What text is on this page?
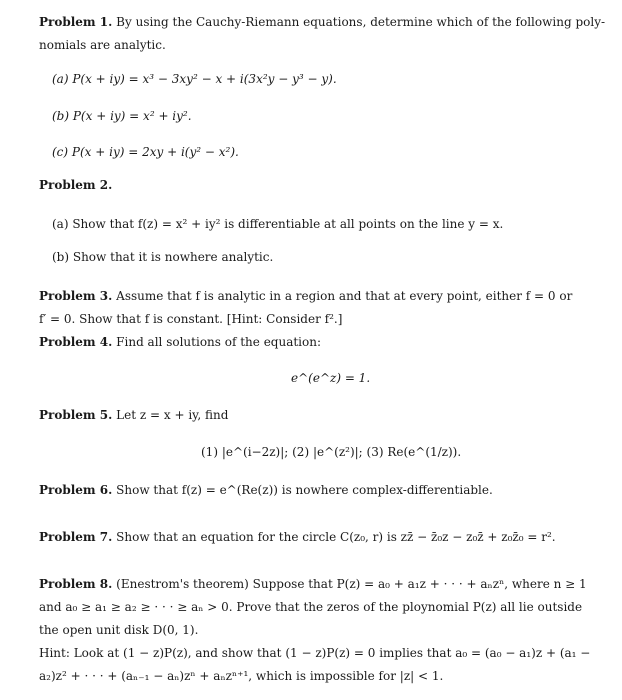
Problem 1. By using the Cauchy-Riemann equations, determine which of the following poly-
nomials are analytic.
(a) P(x + iy) = x³ − 3xy² − x + i(3x²y − y³ − y).
(b) P(x + iy) = x² + iy².
(c) P(x + iy) = 2xy + i(y² − x²).
Problem 2.
(a) Show that f(z) = x² + iy² is differentiable at all points on the line y = x.
(b) Show that it is nowhere analytic.
Problem 3. Assume that f is analytic in a region and that at every point, either f = 0 or
f′ = 0. Show that f is constant. [Hint: Consider f².]
Problem 4. Find all solutions of the equation:
e^(e^z) = 1.
Problem 5. Let z = x + iy, find
(1) |e^(i−2z)|; (2) |e^(z²)|; (3) Re(e^(1/z)).
Problem 6. Show that f(z) = e^(Re(z)) is nowhere complex-differentiable.
Problem 7. Show that an equation for the circle C(z₀, r) is zz̄ − z̄₀z − z₀z̄ + z₀z̄₀ = r².
Problem 8. (Enestrom's theorem) Suppose that P(z) = a₀ + a₁z + · · · + aₙzⁿ, where n ≥ 1
and a₀ ≥ a₁ ≥ a₂ ≥ · · · ≥ aₙ > 0. Prove that the zeros of the ploynomial P(z) all lie outside
the open unit disk D(0, 1).
Hint: Look at (1 − z)P(z), and show that (1 − z)P(z) = 0 implies that a₀ = (a₀ − a₁)z + (a₁ −
a₂)z² + · · · + (aₙ₋₁ − aₙ)zⁿ + aₙzⁿ⁺¹, which is impossible for |z| < 1.
